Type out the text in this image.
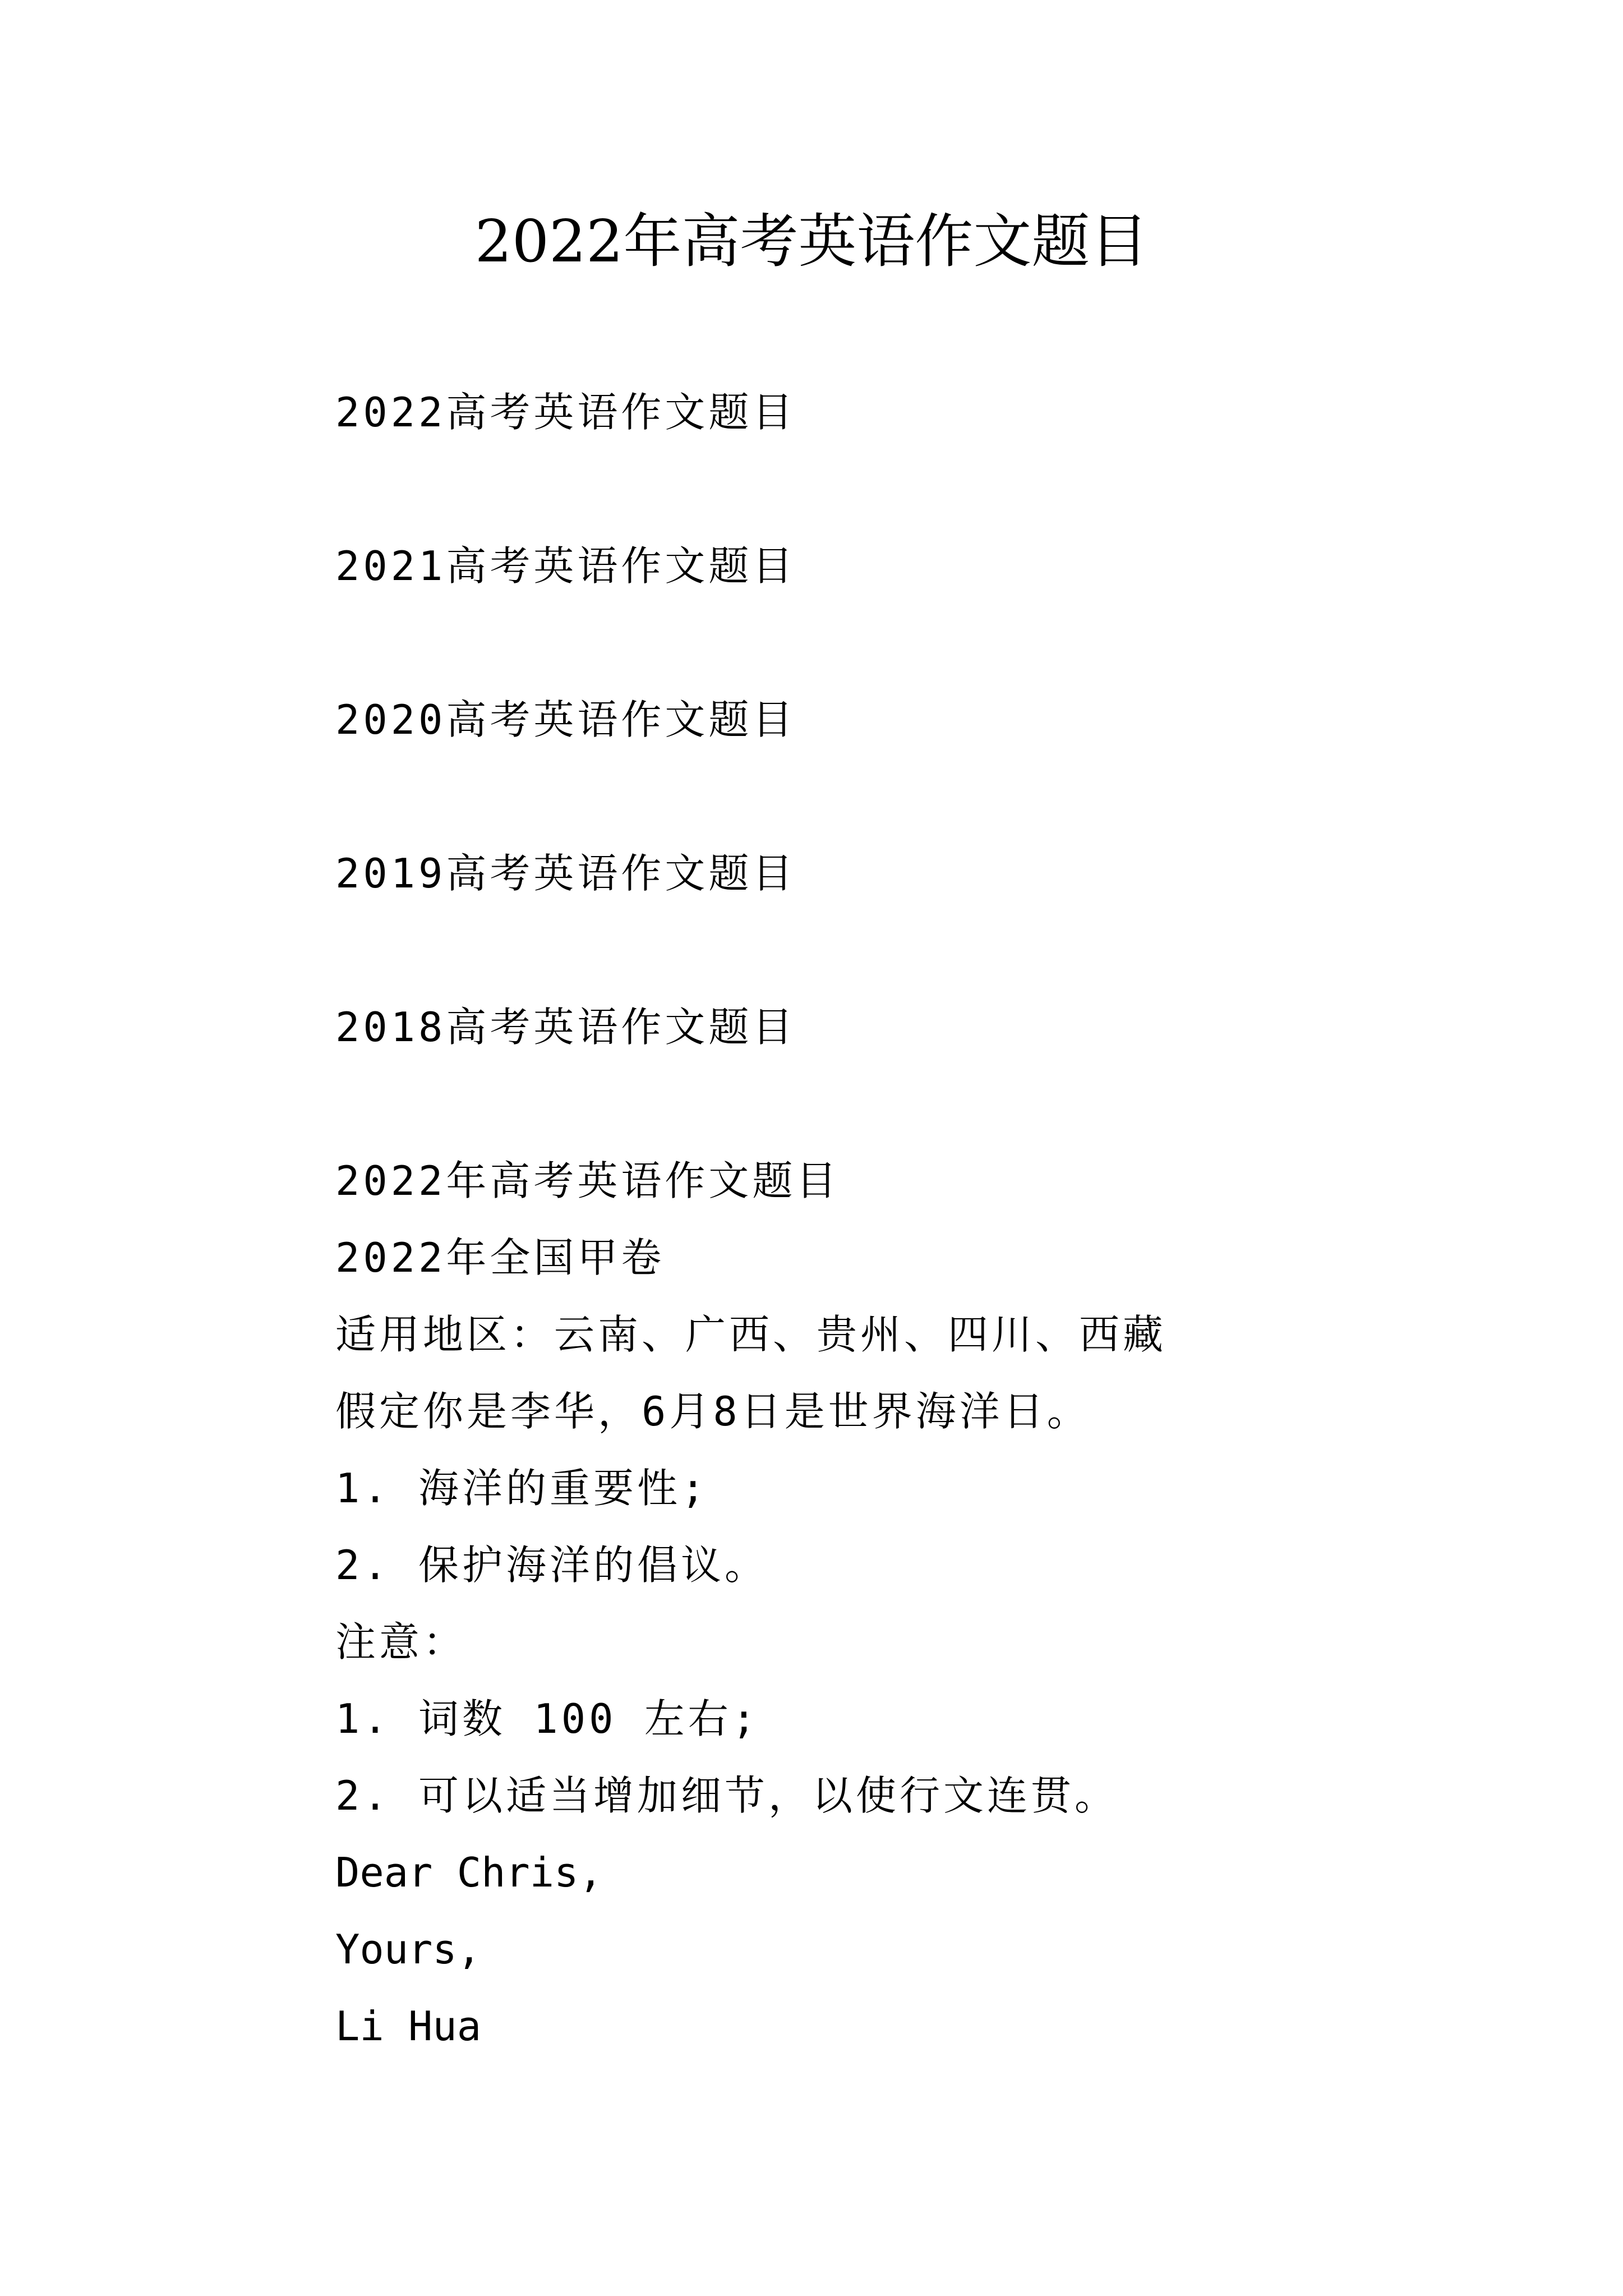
2022年高考英语作文题目
2022高考英语作文题目
2021高考英语作文题目
2020高考英语作文题目
2019高考英语作文题目
2018高考英语作文题目
2022年高考英语作文题目
2022年全国甲卷
适用地区：云南、广西、贵州、四川、西藏
假定你是李华，6月8日是世界海洋日。
1. 海洋的重要性;
2. 保护海洋的倡议。
注意：
1. 词数 100 左右;
2. 可以适当增加细节，以使行文连贯。
Dear Chris,
Yours,
Li Hua
